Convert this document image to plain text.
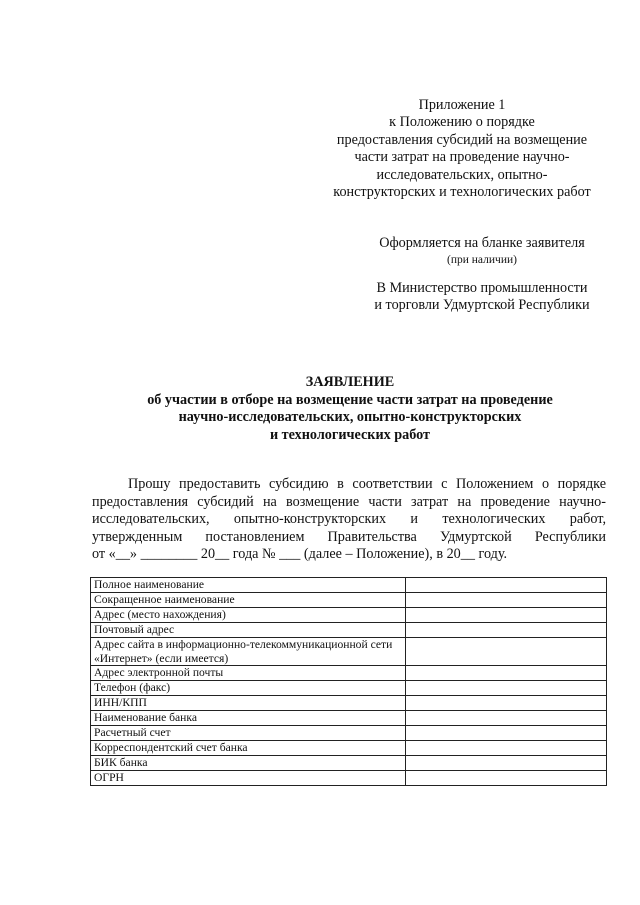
Приложение 1
к Положению о порядке
предоставления субсидий на возмещение
части затрат на проведение научно-
исследовательских, опытно-
конструкторских и технологических работ
Оформляется на бланке заявителя
(при наличии)
В Министерство промышленности
и торговли Удмуртской Республики
ЗАЯВЛЕНИЕ
об участии в отборе на возмещение части затрат на проведение
научно-исследовательских, опытно-конструкторских
и технологических работ
Прошу предоставить субсидию в соответствии с Положением о порядке
предоставления субсидий на возмещение части затрат на проведение научно-
исследовательских, опытно-конструкторских и технологических работ,
утвержденным постановлением Правительства Удмуртской Республики
от «__» ________ 20__ года № ___ (далее – Положение), в 20__ году.
Полное наименование	
Сокращенное наименование	
Адрес (место нахождения)	
Почтовый адрес	
Адрес сайта в информационно-телекоммуникационной сети «Интернет» (если имеется)	
Адрес электронной почты	
Телефон (факс)	
ИНН/КПП	
Наименование банка	
Расчетный счет	
Корреспондентский счет банка	
БИК банка	
ОГРН	
